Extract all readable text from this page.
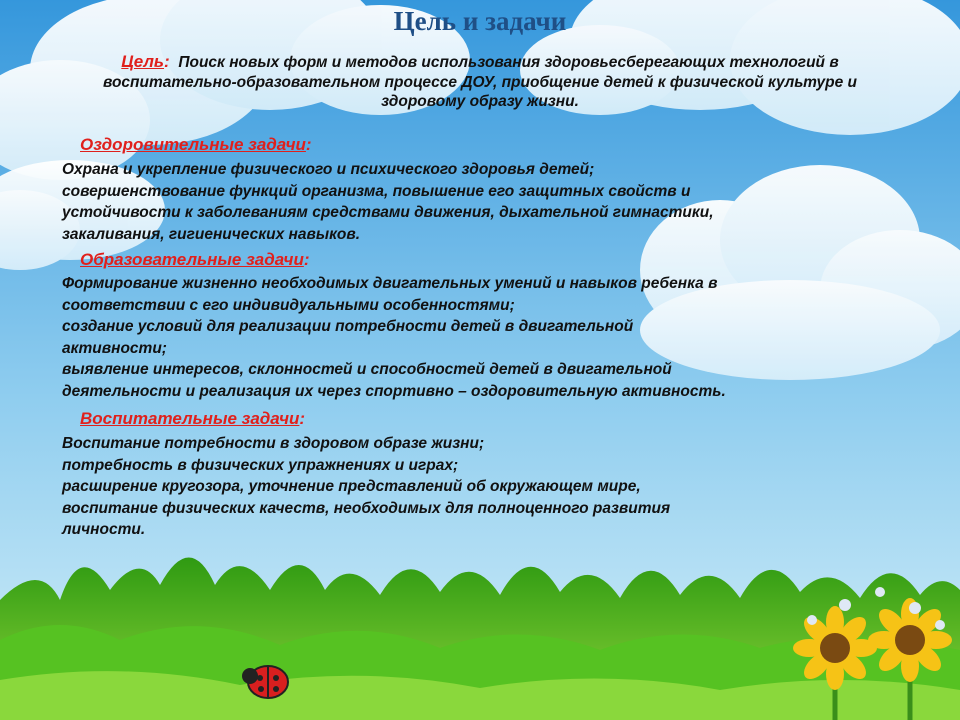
Цель и задачи
Цель: Поиск новых форм и методов использования здоровьесберегающих технологий в воспитательно-образовательном процессе ДОУ, приобщение детей к физической культуре и здоровому образу жизни.
Оздоровительные задачи:
Охрана и укрепление физического и психического здоровья детей;
совершенствование функций организма, повышение его защитных свойств и
устойчивости к заболеваниям средствами движения, дыхательной гимнастики,
закаливания, гигиенических навыков.
Образовательные задачи:
Формирование жизненно необходимых двигательных умений и навыков ребенка в
соответствии с его индивидуальными особенностями;
создание условий для реализации потребности детей в двигательной
активности;
выявление интересов, склонностей и способностей детей в двигательной
деятельности и реализация их через спортивно – оздоровительную активность.
Воспитательные задачи:
Воспитание потребности в здоровом образе жизни;
потребность в физических упражнениях и играх;
расширение кругозора, уточнение представлений об окружающем мире,
воспитание физических качеств, необходимых для полноценного развития
личности.
